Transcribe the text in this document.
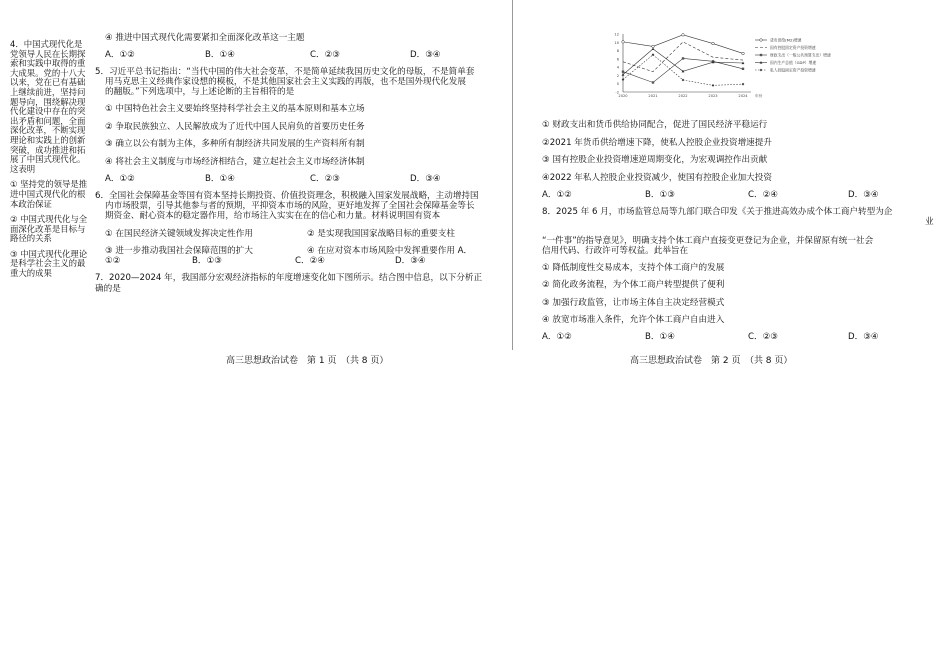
4．中国式现代化是党领导人民在长期探索和实践中取得的重大成果。党的十八大以来，党在已有基础上继续前进，坚持问题导向，围绕解决现代化建设中存在的突出矛盾和问题，全面深化改革，不断实现理论和实践上的创新突破，成功推进和拓展了中国式现代化。这表明

① 坚持党的领导是推进中国式现代化的根本政治保证

② 中国式现代化与全面深化改革是目标与路径的关系

③ 中国式现代化理论是科学社会主义的最重大的成果

④ 推进中国式现代化需要紧扣全面深化改革这一主题
A．①②	B．①④	C．②③	D．③④
5．习近平总书记指出：“当代中国的伟大社会变革，不是简单延续我国历史文化的母版，不是简单套
用马克思主义经典作家设想的模板，不是其他国家社会主义实践的再版，也不是国外现代化发展
的翻版。”下列选项中，与上述论断的主旨相符的是
① 中国特色社会主义要始终坚持科学社会主义的基本原则和基本立场
② 争取民族独立、人民解放成为了近代中国人民肩负的首要历史任务
③ 确立以公有制为主体，多种所有制经济共同发展的生产资料所有制
④ 将社会主义制度与市场经济相结合，建立起社会主义市场经济体制
A．①②	B．①④	C．②③	D．③④
6．全国社会保障基金等国有资本坚持长期投资、价值投资理念，积极融入国家发展战略，主动增持国
内市场股票，引导其他参与者的预期，平抑资本市场的风险，更好地发挥了全国社会保障基金等长
期资金、耐心资本的稳定器作用，给市场注入实实在在的信心和力量。材料说明国有资本
① 在国民经济关键领域发挥决定性作用	② 是实现我国国家战略目标的重要支柱
③ 进一步推动我国社会保障范围的扩大	④ 在应对资本市场风险中发挥重要作用 A．
①②	B．①③	C．②④	D．③④
7．2020—2024 年，我国部分宏观经济指标的年度增速变化如下图所示。结合图中信息，以下分析正
确的是
高三思想政治试卷　第 1 页　（共 8 页）
12
10
8
6
4
2
0
-2
2020	2021	2022	2023	2024 年份
货币供给(M2)增速
国有控股固定资产投资增速
财政支出（一般公共预算支出）增速
国内生产总值（GDP）增速
私人控股固定资产投资增速
① 财政支出和货币供给协同配合，促进了国民经济平稳运行
②2021 年货币供给增速下降，使私人控股企业投资增速提升
③ 国有控股企业投资增速逆周期变化，为宏观调控作出贡献
④2022 年私人控股企业投资减少，使国有控股企业加大投资
A．①②	B．①③	C．②④	D．③④
8．2025 年 6 月，市场监管总局等九部门联合印发《关于推进高效办成个体工商户转型为企
业
“一件事”的指导意见》，明确支持个体工商户直接变更登记为企业，并保留原有统一社会
信用代码、行政许可等权益。此举旨在
① 降低制度性交易成本，支持个体工商户的发展
② 简化政务流程，为个体工商户转型提供了便利
③ 加强行政监管，让市场主体自主决定经营模式
④ 放宽市场准入条件，允许个体工商户自由进入
A．①②	B．①④	C．②③	D．③④
高三思想政治试卷　第 2 页　（共 8 页）
